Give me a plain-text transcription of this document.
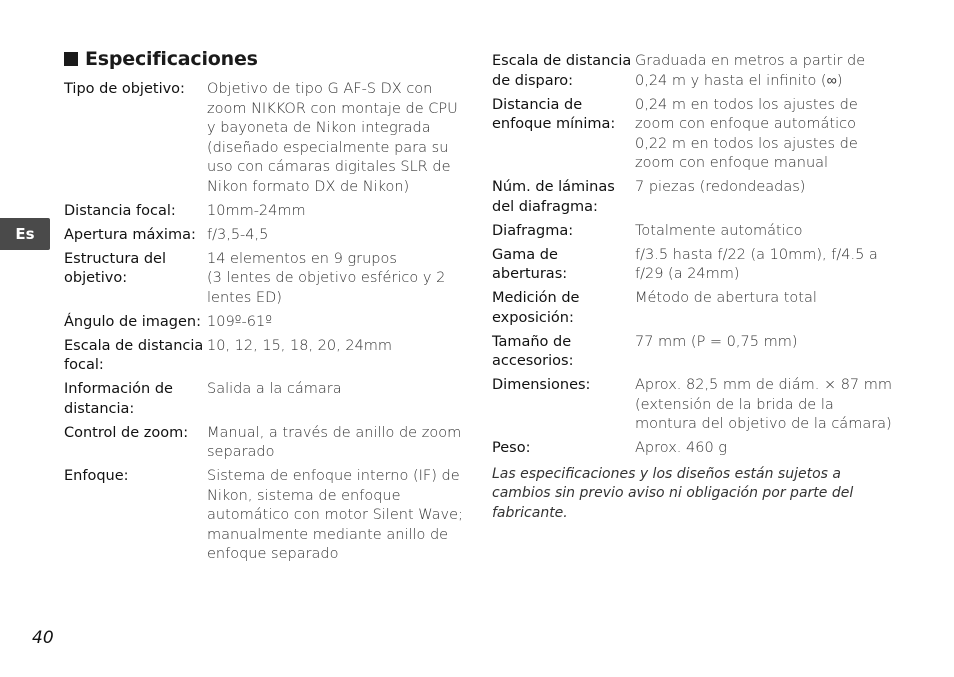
Es
Especificaciones
Tipo de objetivo:	Objetivo de tipo G AF-S DX con zoom NIKKOR con montaje de CPU y bayoneta de Nikon integrada (diseñado especialmente para su uso con cámaras digitales SLR de Nikon formato DX de Nikon)
Distancia focal:	10mm-24mm
Apertura máxima: f/3,5-4,5
Estructura del objetivo:
14 elementos en 9 grupos
(3 lentes de objetivo esférico y 2 lentes ED)
Ángulo de imagen: 109º-61º
Escala de distancia focal:
10, 12, 15, 18, 20, 24mm
Información de distancia:
Salida a la cámara
Control de zoom:	Manual, a través de anillo de zoom separado
Enfoque:	Sistema de enfoque interno (IF) de Nikon, sistema de enfoque automático con motor Silent Wave; manualmente mediante anillo de enfoque separado
Escala de distancia de disparo:
Graduada en metros a partir de 0,24 m y hasta el infinito (∞)
Distancia de enfoque mínima:
0,24 m en todos los ajustes de zoom con enfoque automático
0,22 m en todos los ajustes de zoom con enfoque manual
Núm. de láminas del diafragma:
7 piezas (redondeadas)
Diafragma:	Totalmente automático
Gama de aberturas:
f/3.5 hasta f/22 (a 10mm), f/4.5 a f/29 (a 24mm)
Medición de exposición:
Método de abertura total
Tamaño de accesorios:
77 mm (P = 0,75 mm)
Dimensiones:	Aprox. 82,5 mm de diám. × 87 mm (extensión de la brida de la montura del objetivo de la cámara)
Peso:	Aprox. 460 g
Las especificaciones y los diseños están sujetos a cambios sin previo aviso ni obligación por parte del fabricante.
40
